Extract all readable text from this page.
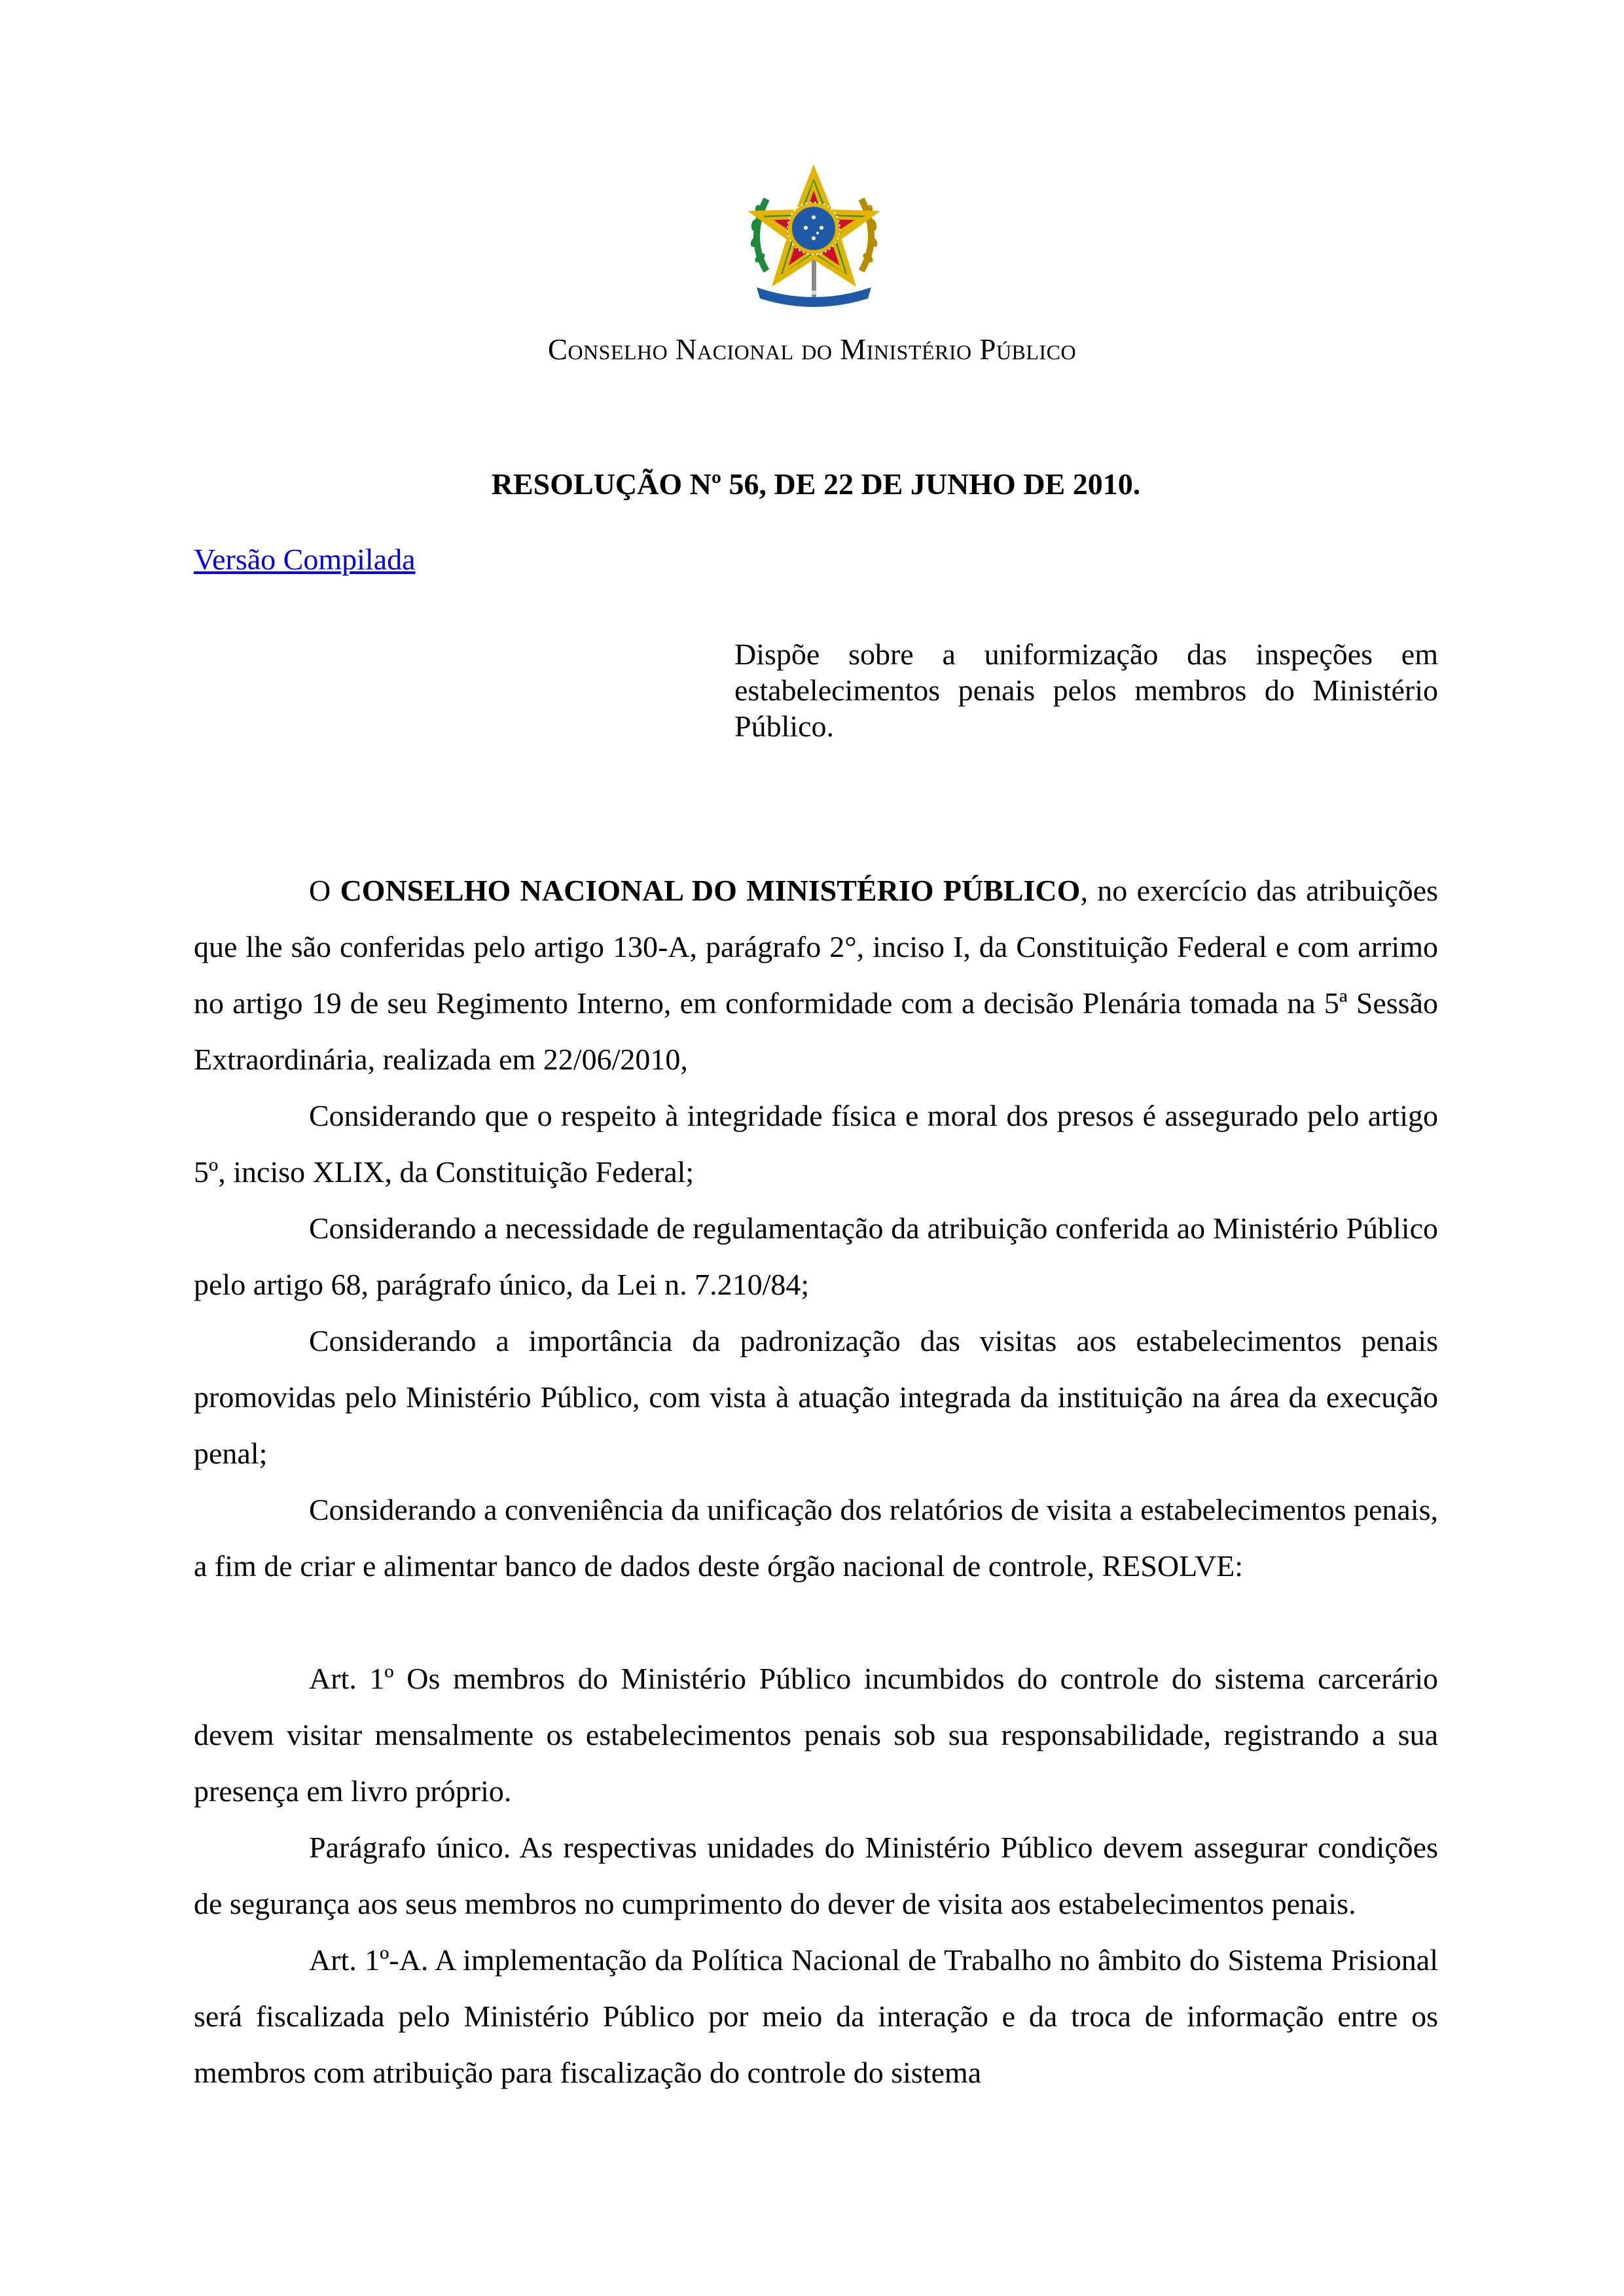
Conselho Nacional do Ministério Público
RESOLUÇÃO Nº 56, DE 22 DE JUNHO DE 2010.
Versão Compilada
Dispõe sobre a uniformização das inspeções em estabelecimentos penais pelos membros do Ministério Público.

O CONSELHO NACIONAL DO MINISTÉRIO PÚBLICO, no exercício das atribuições que lhe são conferidas pelo artigo 130-A, parágrafo 2°, inciso I, da Constituição Federal e com arrimo no artigo 19 de seu Regimento Interno, em conformidade com a decisão Plenária tomada na 5ª Sessão Extraordinária, realizada em 22/06/2010,

Considerando que o respeito à integridade física e moral dos presos é assegurado pelo artigo 5º, inciso XLIX, da Constituição Federal;

Considerando a necessidade de regulamentação da atribuição conferida ao Ministério Público pelo artigo 68, parágrafo único, da Lei n. 7.210/84;

Considerando a importância da padronização das visitas aos estabelecimentos penais promovidas pelo Ministério Público, com vista à atuação integrada da instituição na área da execução penal;

Considerando a conveniência da unificação dos relatórios de visita a estabelecimentos penais, a fim de criar e alimentar banco de dados deste órgão nacional de controle, RESOLVE:

Art. 1º Os membros do Ministério Público incumbidos do controle do sistema carcerário devem visitar mensalmente os estabelecimentos penais sob sua responsabilidade, registrando a sua presença em livro próprio.

Parágrafo único. As respectivas unidades do Ministério Público devem assegurar condições de segurança aos seus membros no cumprimento do dever de visita aos estabelecimentos penais.

Art. 1º-A. A implementação da Política Nacional de Trabalho no âmbito do Sistema Prisional será fiscalizada pelo Ministério Público por meio da interação e da troca de informação entre os membros com atribuição para fiscalização do controle do sistema
